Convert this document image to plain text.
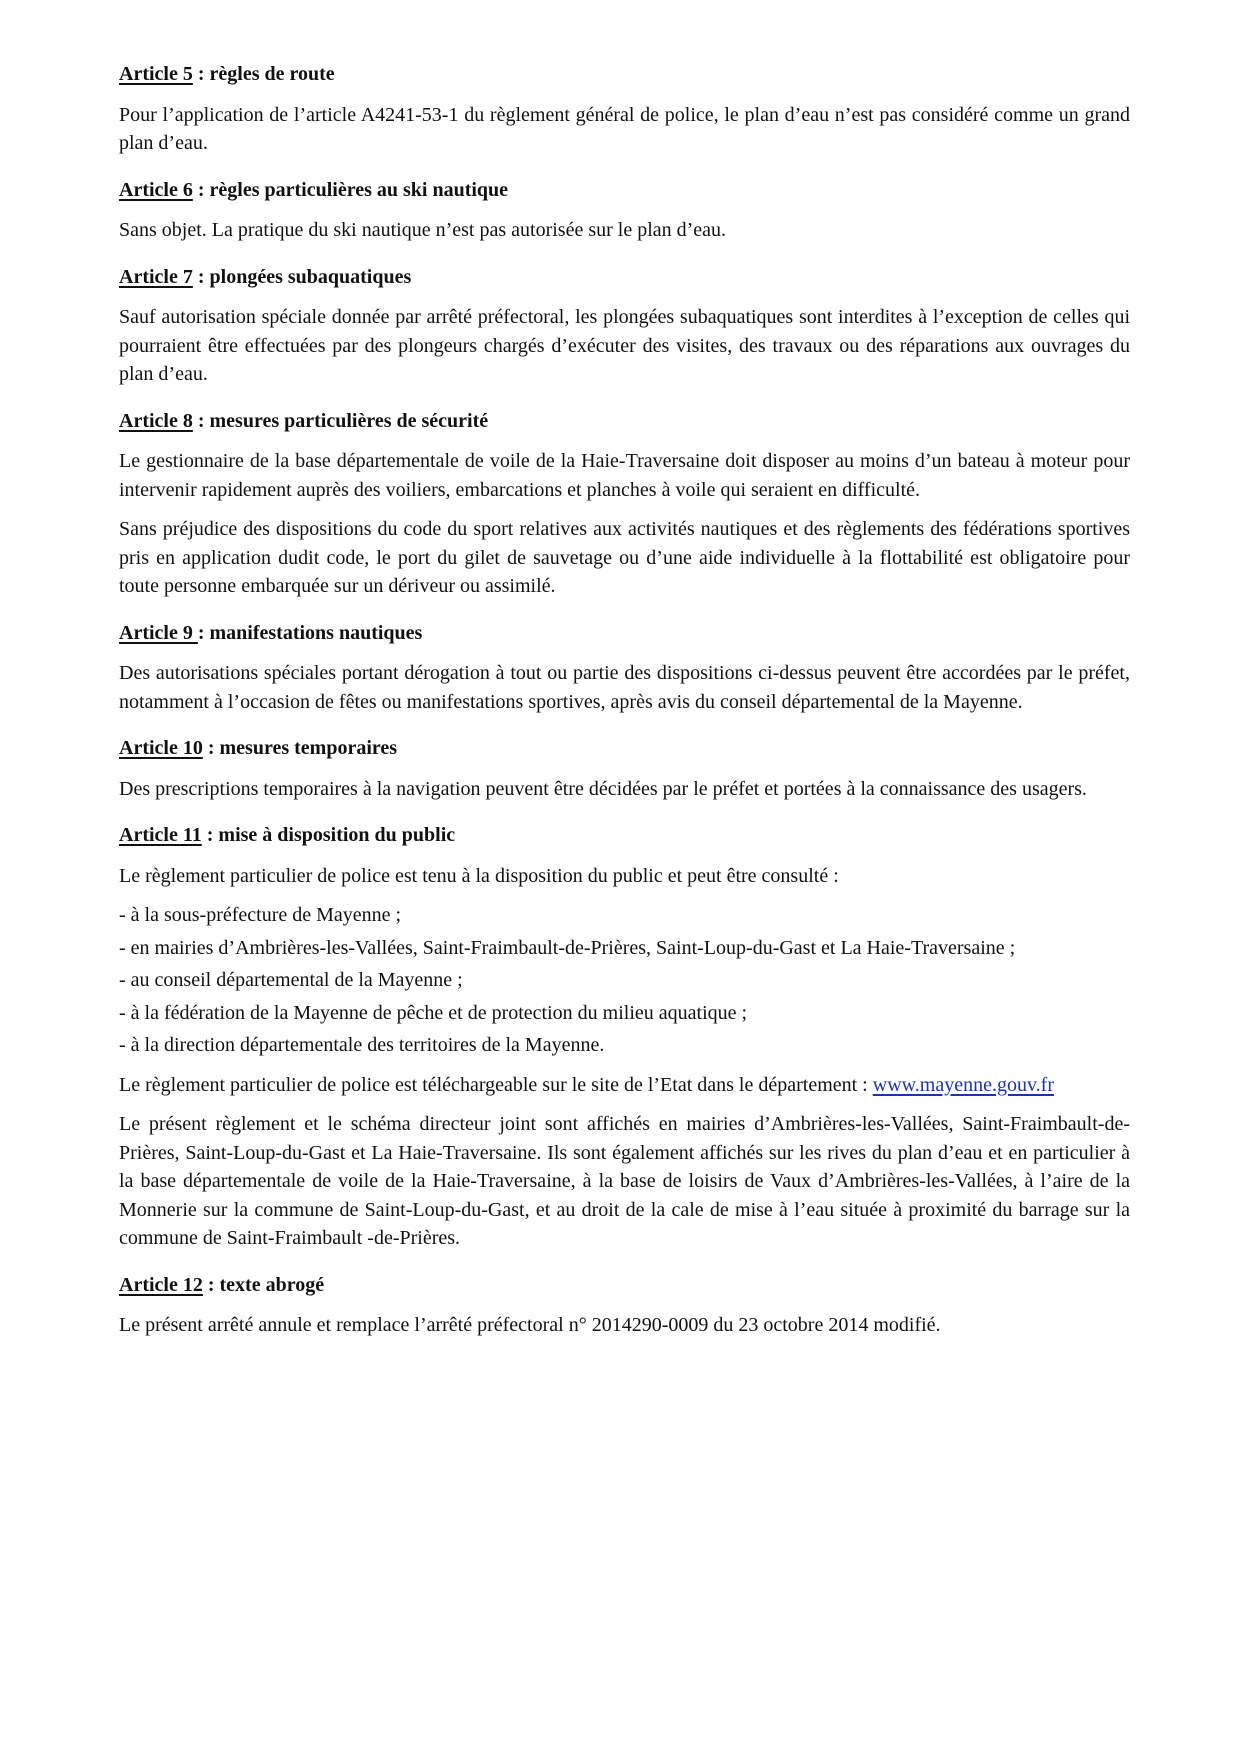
Article 5 : règles de route

Pour l’application de l’article A4241-53-1 du règlement général de police, le plan d’eau n’est pas considéré comme un grand plan d’eau.

Article 6 : règles particulières au ski nautique

Sans objet. La pratique du ski nautique n’est pas autorisée sur le plan d’eau.

Article 7 : plongées subaquatiques

Sauf autorisation spéciale donnée par arrêté préfectoral, les plongées subaquatiques sont interdites à l’exception de celles qui pourraient être effectuées par des plongeurs chargés d’exécuter des visites, des travaux ou des réparations aux ouvrages du plan d’eau.

Article 8 : mesures particulières de sécurité

Le gestionnaire de la base départementale de voile de la Haie-Traversaine doit disposer au moins d’un bateau à moteur pour intervenir rapidement auprès des voiliers, embarcations et planches à voile qui seraient en difficulté.

Sans préjudice des dispositions du code du sport relatives aux activités nautiques et des règlements des fédérations sportives pris en application dudit code, le port du gilet de sauvetage ou d’une aide individuelle à la flottabilité est obligatoire pour toute personne embarquée sur un dériveur ou assimilé.

Article 9 : manifestations nautiques

Des autorisations spéciales portant dérogation à tout ou partie des dispositions ci-dessus peuvent être accordées par le préfet, notamment à l’occasion de fêtes ou manifestations sportives, après avis du conseil départemental de la Mayenne.

Article 10 : mesures temporaires

Des prescriptions temporaires à la navigation peuvent être décidées par le préfet et portées à la connaissance des usagers.

Article 11 : mise à disposition du public

Le règlement particulier de police est tenu à la disposition du public et peut être consulté :

- à la sous-préfecture de Mayenne ;
- en mairies d’Ambrières-les-Vallées, Saint-Fraimbault-de-Prières, Saint-Loup-du-Gast et La Haie-Traversaine ;
- au conseil départemental de la Mayenne ;
- à la fédération de la Mayenne de pêche et de protection du milieu aquatique ;
- à la direction départementale des territoires de la Mayenne.

Le règlement particulier de police est téléchargeable sur le site de l’Etat dans le département : www.mayenne.gouv.fr

Le présent règlement et le schéma directeur joint sont affichés en mairies d’Ambrières-les-Vallées, Saint-Fraimbault-de-Prières, Saint-Loup-du-Gast et La Haie-Traversaine. Ils sont également affichés sur les rives du plan d’eau et en particulier à la base départementale de voile de la Haie-Traversaine, à la base de loisirs de Vaux d’Ambrières-les-Vallées, à l’aire de la Monnerie sur la commune de Saint-Loup-du-Gast, et au droit de la cale de mise à l’eau située à proximité du barrage sur la commune de Saint-Fraimbault -de-Prières.

Article 12 : texte abrogé

Le présent arrêté annule et remplace l’arrêté préfectoral n° 2014290-0009 du 23 octobre 2014 modifié.
